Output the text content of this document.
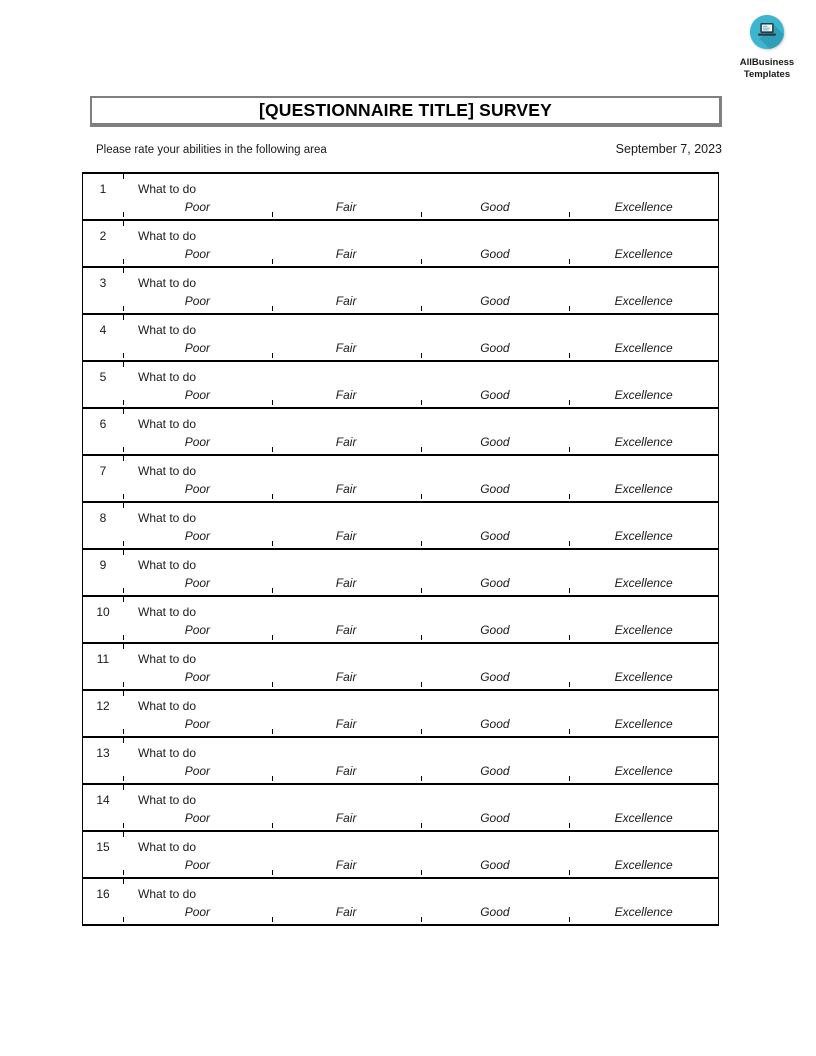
AllBusiness
Templates
[QUESTIONNAIRE TITLE] SURVEY
Please rate your abilities in the following area	September 7, 2023
1	What to do
Poor	Fair	Good	Excellence
2	What to do
Poor	Fair	Good	Excellence
3	What to do
Poor	Fair	Good	Excellence
4	What to do
Poor	Fair	Good	Excellence
5	What to do
Poor	Fair	Good	Excellence
6	What to do
Poor	Fair	Good	Excellence
7	What to do
Poor	Fair	Good	Excellence
8	What to do
Poor	Fair	Good	Excellence
9	What to do
Poor	Fair	Good	Excellence
10	What to do
Poor	Fair	Good	Excellence
11	What to do
Poor	Fair	Good	Excellence
12	What to do
Poor	Fair	Good	Excellence
13	What to do
Poor	Fair	Good	Excellence
14	What to do
Poor	Fair	Good	Excellence
15	What to do
Poor	Fair	Good	Excellence
16	What to do
Poor	Fair	Good	Excellence
